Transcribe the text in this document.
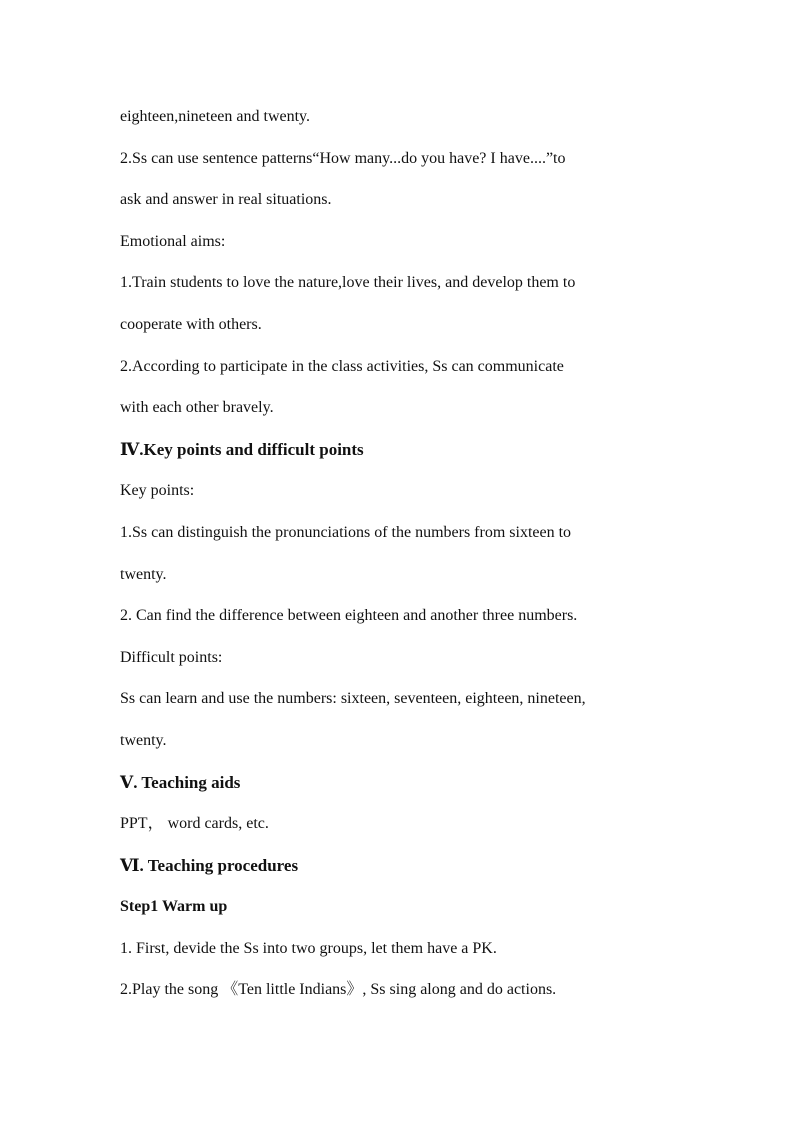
eighteen,nineteen and twenty.

2.Ss can use sentence patterns“How many...do you have? I have....”to

ask and answer in real situations.

Emotional aims:

1.Train students to love the nature,love their lives, and develop them to

cooperate with others.

2.According to participate in the class activities, Ss can communicate

with each other bravely.

Ⅳ.Key points and difficult points

Key points:

1.Ss can distinguish the pronunciations of the numbers from sixteen to

twenty.

2. Can find the difference between eighteen and another three numbers.

Difficult points:

Ss can learn and use the numbers: sixteen, seventeen, eighteen, nineteen,

twenty.

Ⅴ. Teaching aids

PPT， word cards, etc.

Ⅵ. Teaching procedures

Step1 Warm up

1. First, devide the Ss into two groups, let them have a PK.

2.Play the song 《Ten little Indians》, Ss sing along and do actions.
